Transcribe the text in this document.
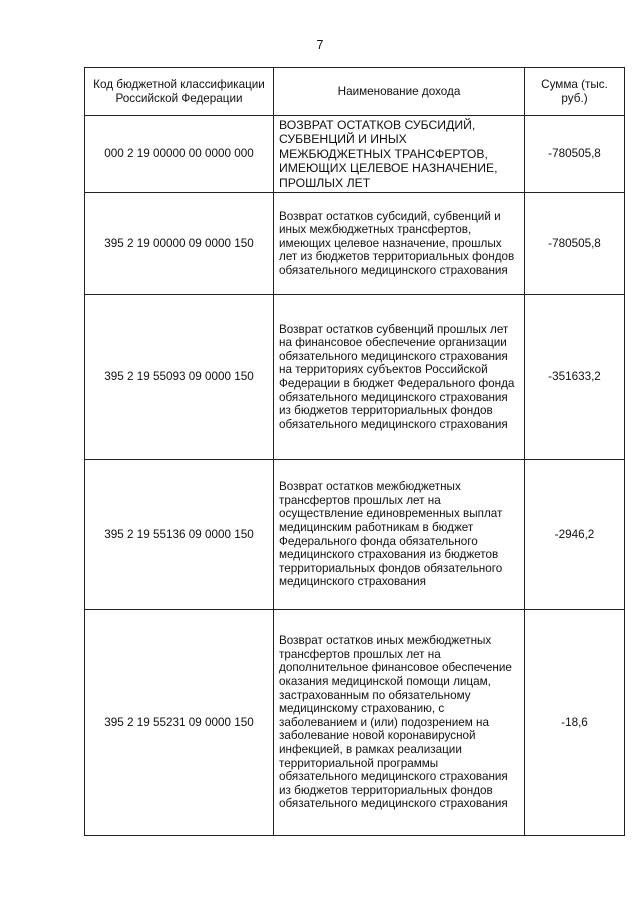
7
Код бюджетной классификации Российской Федерации	Наименование дохода	Сумма (тыс. руб.)
000 2 19 00000 00 0000 000	ВОЗВРАТ ОСТАТКОВ СУБСИДИЙ, СУБВЕНЦИЙ И ИНЫХ МЕЖБЮДЖЕТНЫХ ТРАНСФЕРТОВ, ИМЕЮЩИХ ЦЕЛЕВОЕ НАЗНАЧЕНИЕ, ПРОШЛЫХ ЛЕТ	-780505,8
395 2 19 00000 09 0000 150	Возврат остатков субсидий, субвенций и иных межбюджетных трансфертов, имеющих целевое назначение, прошлых лет из бюджетов территориальных фондов обязательного медицинского страхования	-780505,8
395 2 19 55093 09 0000 150	Возврат остатков субвенций прошлых лет на финансовое обеспечение организации обязательного медицинского страхования на территориях субъектов Российской Федерации в бюджет Федерального фонда обязательного медицинского страхования из бюджетов территориальных фондов обязательного медицинского страхования	-351633,2
395 2 19 55136 09 0000 150	Возврат остатков межбюджетных трансфертов прошлых лет на осуществление единовременных выплат медицинским работникам в бюджет Федерального фонда обязательного медицинского страхования из бюджетов территориальных фондов обязательного медицинского страхования	-2946,2
395 2 19 55231 09 0000 150	Возврат остатков иных межбюджетных трансфертов прошлых лет на дополнительное финансовое обеспечение оказания медицинской помощи лицам, застрахованным по обязательному медицинскому страхованию, с заболеванием и (или) подозрением на заболевание новой коронавирусной инфекцией, в рамках реализации территориальной программы обязательного медицинского страхования из бюджетов территориальных фондов обязательного медицинского страхования	-18,6
